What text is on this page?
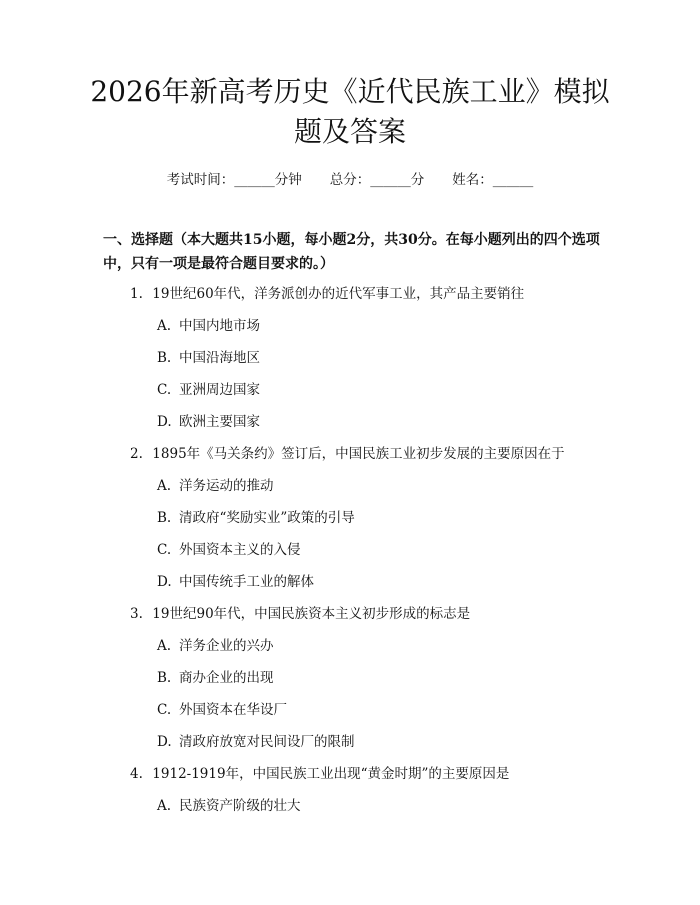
2026年新高考历史《近代民族工业》模拟题及答案
考试时间：______分钟 总分：______分 姓名：______

一、选择题（本大题共15小题，每小题2分，共30分。在每小题列出的四个选项中，只有一项是最符合题目要求的。）

1. 19世纪60年代，洋务派创办的近代军事工业，其产品主要销往
A. 中国内地市场
B. 中国沿海地区
C. 亚洲周边国家
D. 欧洲主要国家
2. 1895年《马关条约》签订后，中国民族工业初步发展的主要原因在于
A. 洋务运动的推动
B. 清政府“奖励实业”政策的引导
C. 外国资本主义的入侵
D. 中国传统手工业的解体
3. 19世纪90年代，中国民族资本主义初步形成的标志是
A. 洋务企业的兴办
B. 商办企业的出现
C. 外国资本在华设厂
D. 清政府放宽对民间设厂的限制
4. 1912-1919年，中国民族工业出现“黄金时期”的主要原因是
A. 民族资产阶级的壮大
